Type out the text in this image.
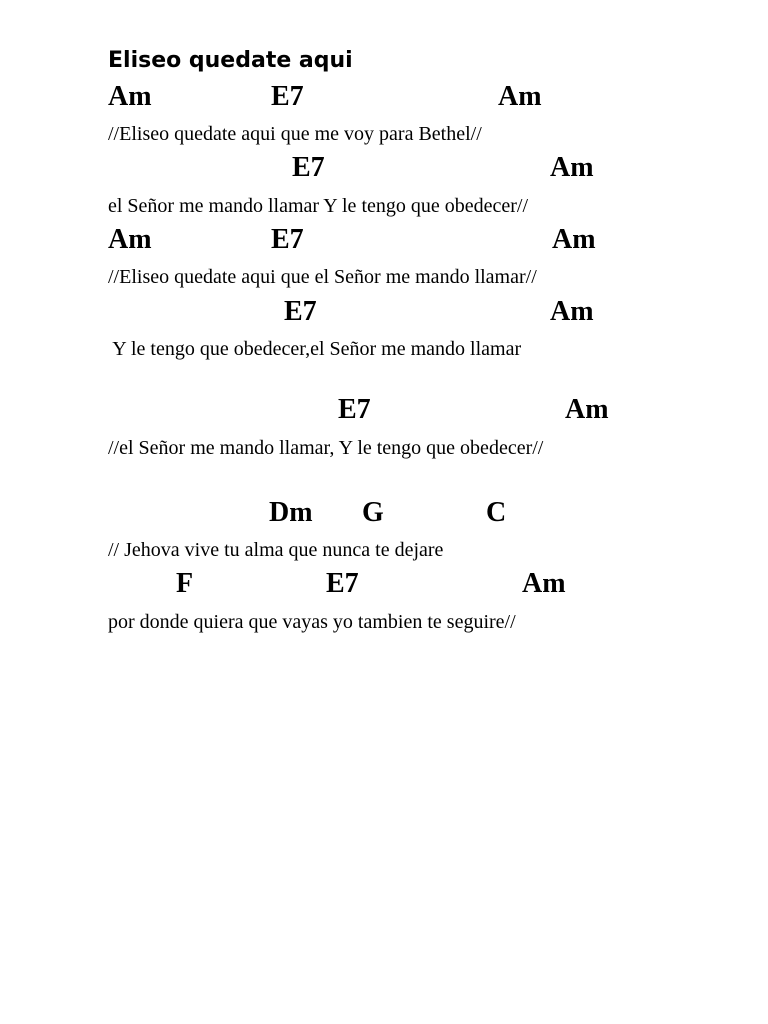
Eliseo quedate aqui
Am	E7	Am
//Eliseo quedate aqui que me voy para Bethel//
E7	Am
el Señor me mando llamar Y le tengo que obedecer//
Am	E7	Am
//Eliseo quedate aqui que el Señor me mando llamar//
E7	Am
Y le tengo que obedecer,el Señor me mando llamar
E7	Am
//el Señor me mando llamar, Y le tengo que obedecer//
Dm G	C
// Jehova vive tu alma que nunca te dejare
F	E7	Am
por donde quiera que vayas yo tambien te seguire//
